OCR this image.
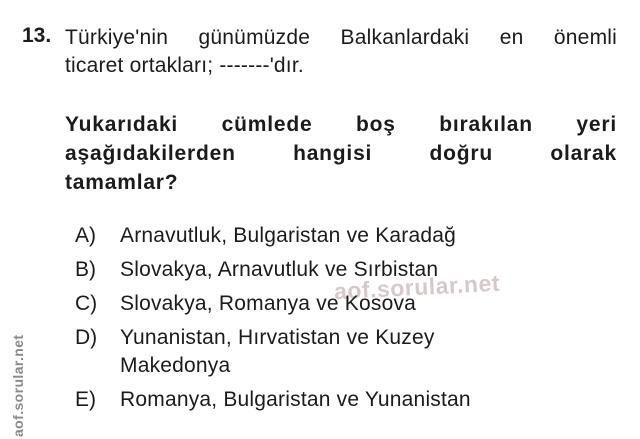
aof.sorular.net
aof.sorular.net
13. Türkiye'nin günümüzde Balkanlardaki en önemli
ticaret ortakları; -------'dır.
Yukarıdaki cümlede boş bırakılan yeri
aşağıdakilerden hangisi doğru olarak
tamamlar?
A)	Arnavutluk, Bulgaristan ve Karadağ
B)	Slovakya, Arnavutluk ve Sırbistan
C)	Slovakya, Romanya ve Kosova
D)	Yunanistan, Hırvatistan ve Kuzey
Makedonya
E)	Romanya, Bulgaristan ve Yunanistan
